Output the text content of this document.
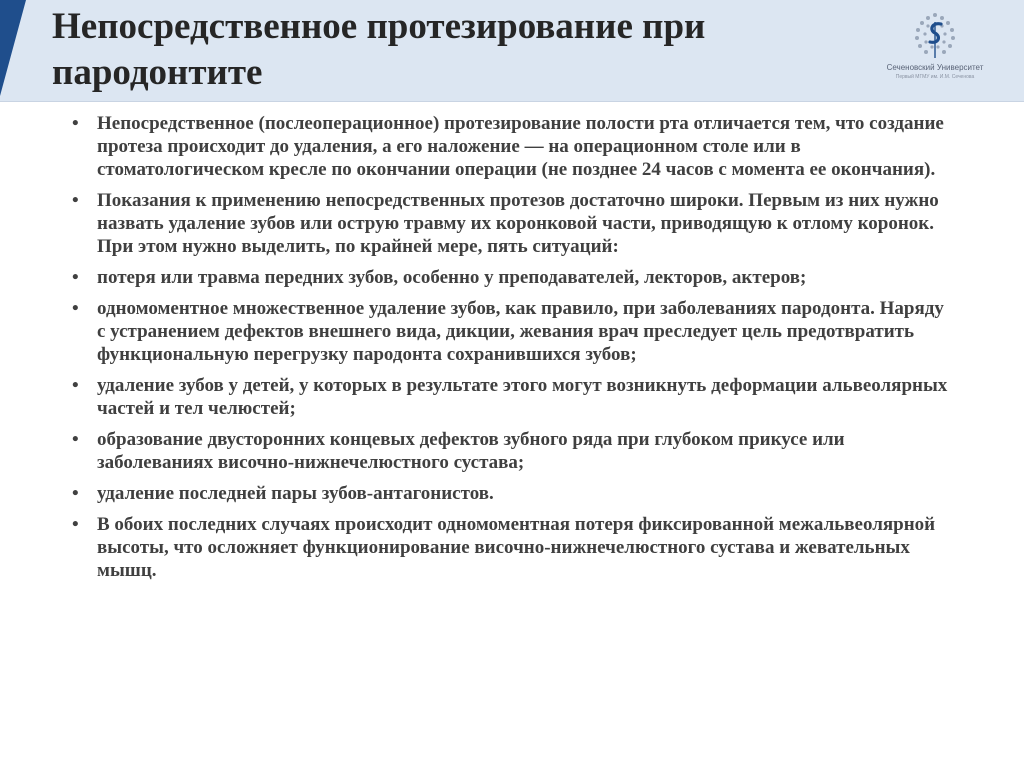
Непосредственное протезирование при пародонтите	Сеченовский Университет
Первый МГМУ им. И.М. Сеченова
• Непосредственное (послеоперационное) протезирование полости рта отличается тем, что создание протеза происходит до удаления, а его наложение — на операционном столе или в стоматологическом кресле по окончании операции (не позднее 24 часов с момента ее окончания).
• Показания к применению непосредственных протезов достаточно широки. Первым из них нужно назвать удаление зубов или острую травму их коронковой части, приводящую к отлому коронок. При этом нужно выделить, по крайней мере, пять ситуаций:
• потеря или травма передних зубов, особенно у преподавателей, лекторов, актеров;
• одномоментное множественное удаление зубов, как правило, при заболеваниях пародонта. Наряду с устранением дефектов внешнего вида, дикции, жевания врач преследует цель предотвратить функциональную перегрузку пародонта сохранившихся зубов;
• удаление зубов у детей, у которых в результате этого могут возникнуть деформации альвеолярных частей и тел челюстей;
• образование двусторонних концевых дефектов зубного ряда при глубоком прикусе или заболеваниях височно-нижнечелюстного сустава;
• удаление последней пары зубов-антагонистов.
• В обоих последних случаях происходит одномоментная потеря фиксированной межальвеолярной высоты, что осложняет функционирование височно-нижнечелюстного сустава и жевательных мышц.
